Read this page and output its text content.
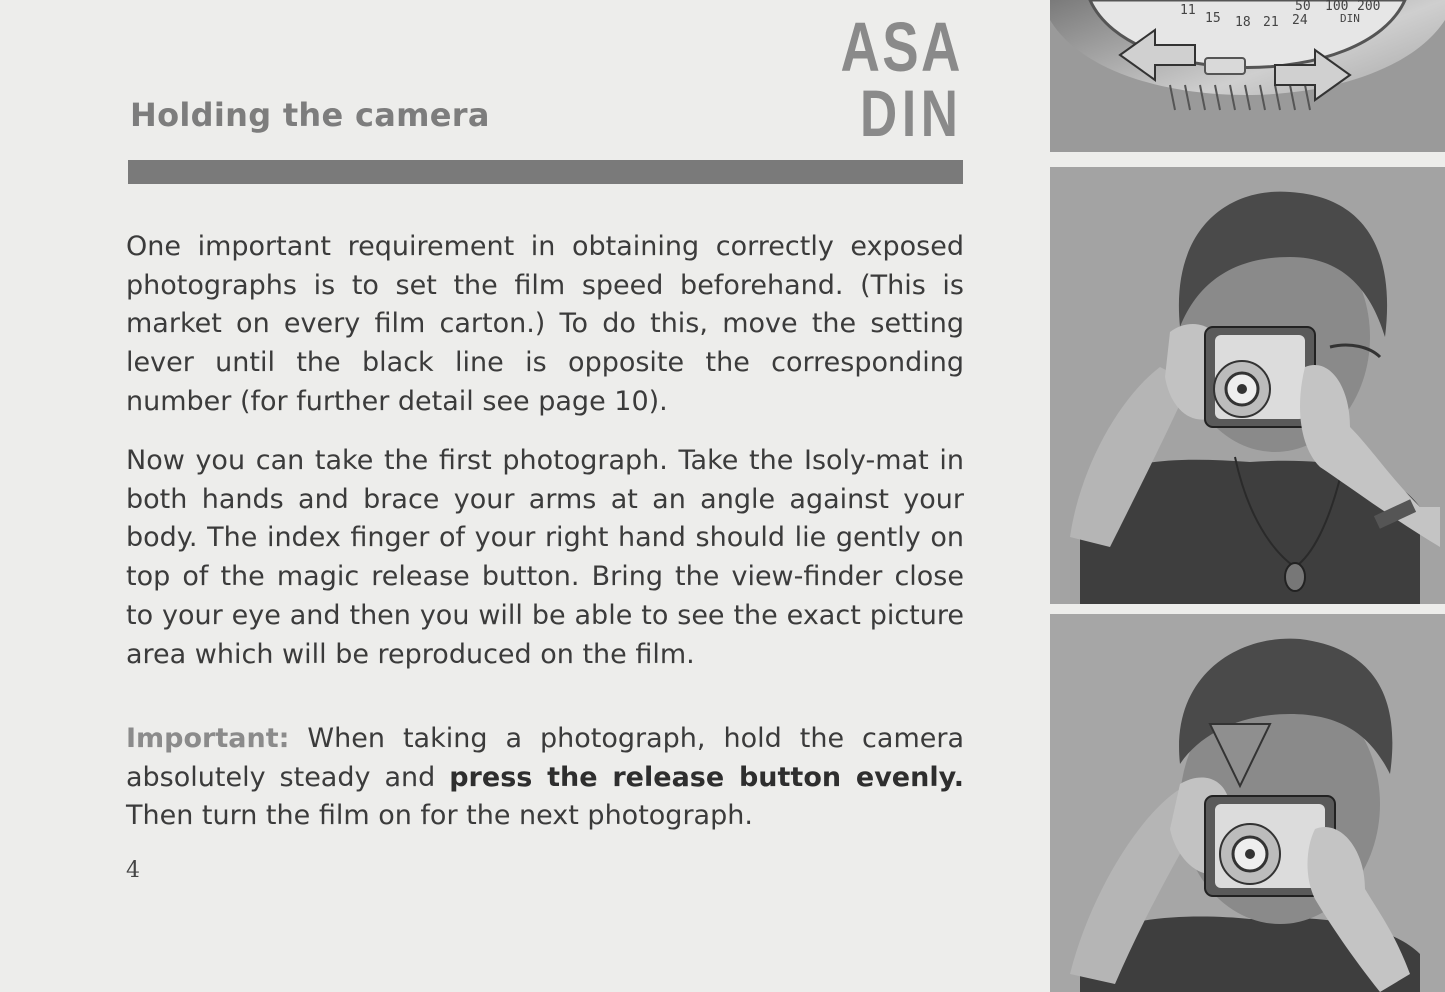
Holding the camera
ASA
DIN

One important requirement in obtaining correctly exposed photographs is to set the film speed beforehand. (This is market on every film carton.) To do this, move the setting lever until the black line is opposite the corresponding number (for further detail see page 10).

Now you can take the first photograph. Take the Isoly-mat in both hands and brace your arms at an angle against your body. The index finger of your right hand should lie gently on top of the magic release button. Bring the view-finder close to your eye and then you will be able to see the exact picture area which will be reproduced on the film.

Important: When taking a photograph, hold the camera absolutely steady and press the release button evenly. Then turn the film on for the next photograph.

4
50 100 200
11
15 18 21 24	DIN
